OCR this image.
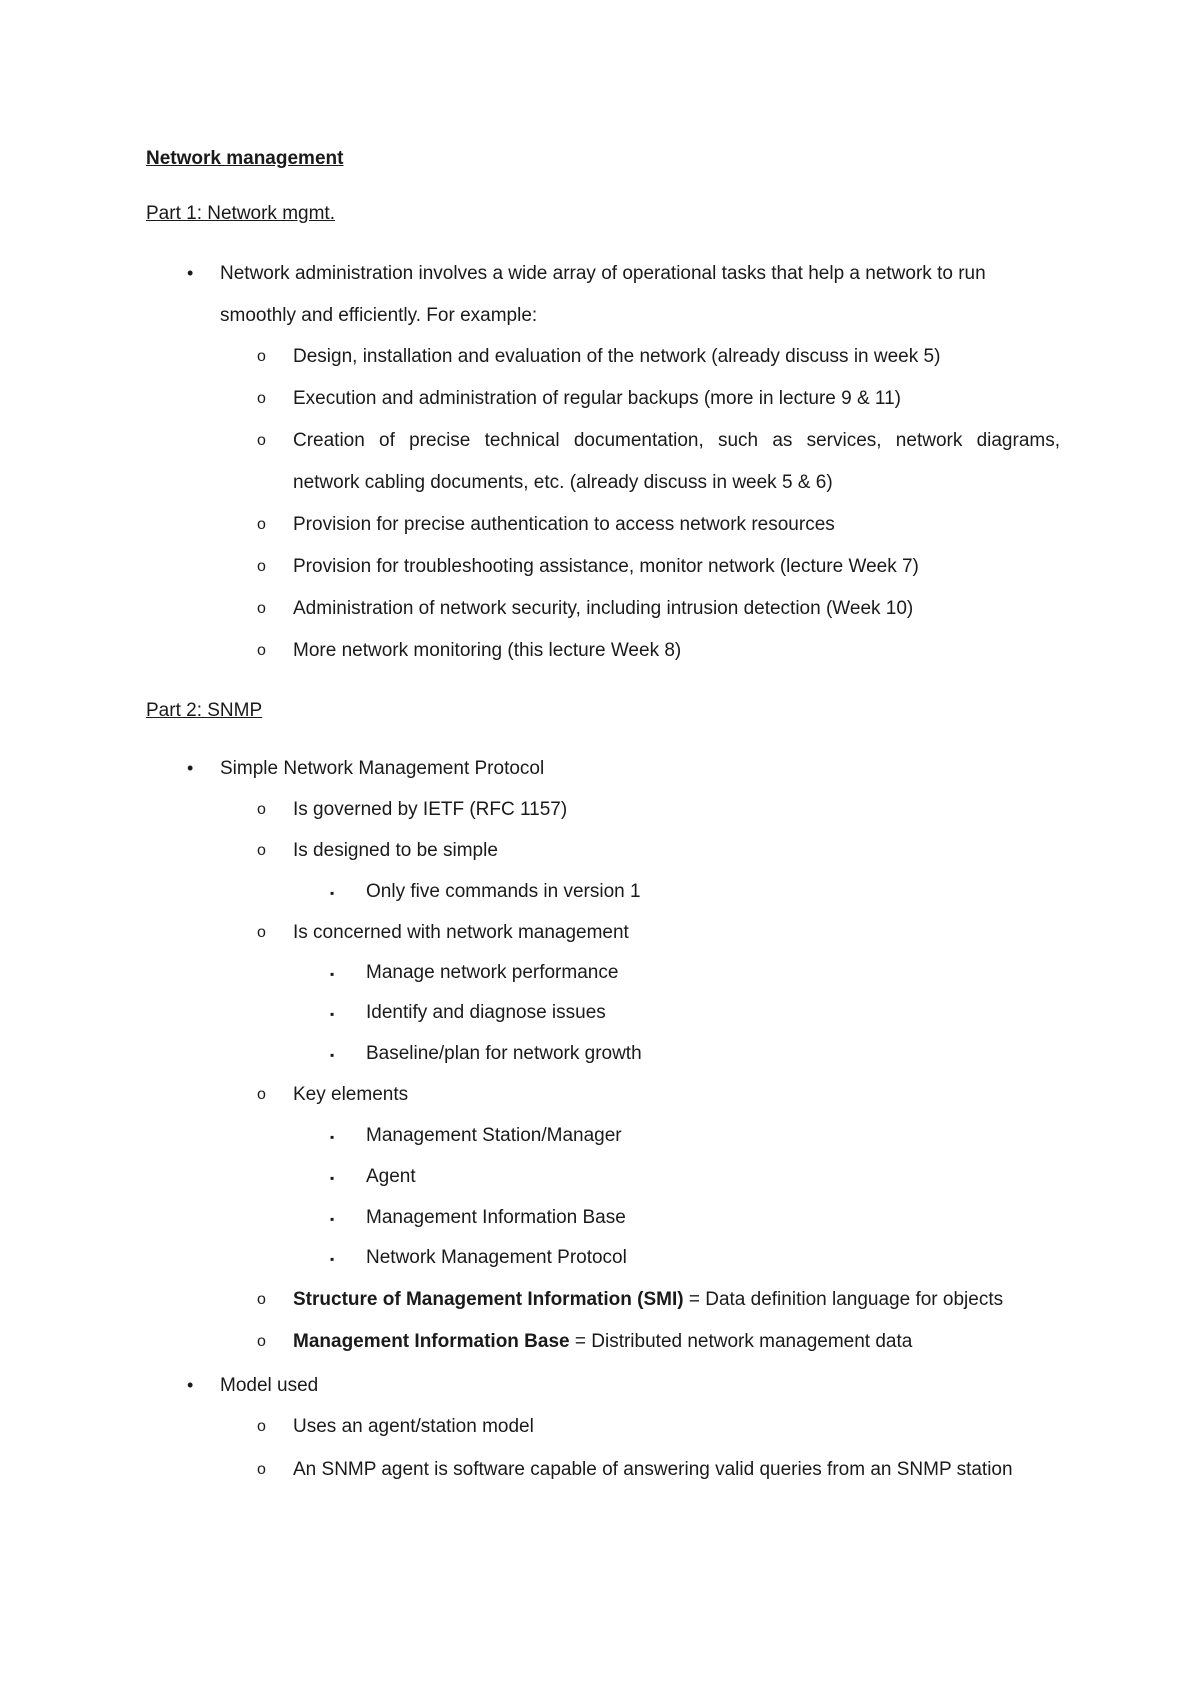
Network management
Part 1: Network mgmt.
• Network administration involves a wide array of operational tasks that help a network to run
smoothly and efficiently. For example:
o Design, installation and evaluation of the network (already discuss in week 5)
o Execution and administration of regular backups (more in lecture 9 & 11)
o Creation of precise technical documentation, such as services, network diagrams,
network cabling documents, etc. (already discuss in week 5 & 6)
o Provision for precise authentication to access network resources
o Provision for troubleshooting assistance, monitor network (lecture Week 7)
o Administration of network security, including intrusion detection (Week 10)
o More network monitoring (this lecture Week 8)
Part 2: SNMP
• Simple Network Management Protocol
o Is governed by IETF (RFC 1157)
o Is designed to be simple
▪ Only five commands in version 1
o Is concerned with network management
▪ Manage network performance
▪ Identify and diagnose issues
▪ Baseline/plan for network growth
o Key elements
▪ Management Station/Manager
▪ Agent
▪ Management Information Base
▪ Network Management Protocol
o Structure of Management Information (SMI) = Data definition language for objects
o Management Information Base = Distributed network management data
• Model used
o Uses an agent/station model
o An SNMP agent is software capable of answering valid queries from an SNMP station
